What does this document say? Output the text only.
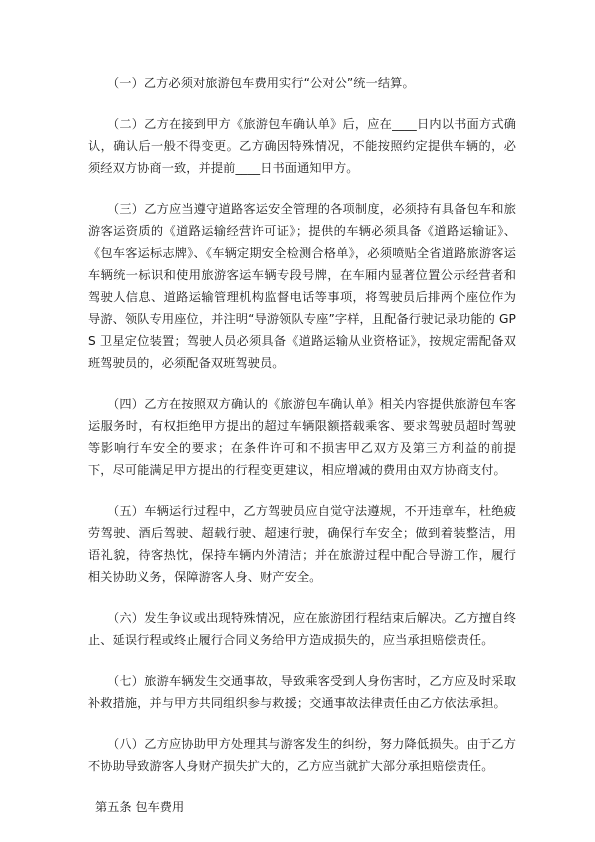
（一）乙方必须对旅游包车费用实行“公对公”统一结算。

（二）乙方在接到甲方《旅游包车确认单》后，应在____日内以书面方式确认，确认后一般不得变更。乙方确因特殊情况，不能按照约定提供车辆的，必须经双方协商一致，并提前____日书面通知甲方。

（三）乙方应当遵守道路客运安全管理的各项制度，必须持有具备包车和旅游客运资质的《道路运输经营许可证》；提供的车辆必须具备《道路运输证》、《包车客运标志牌》、《车辆定期安全检测合格单》，必须喷贴全省道路旅游客运车辆统一标识和使用旅游客运车辆专段号牌，在车厢内显著位置公示经营者和驾驶人信息、道路运输管理机构监督电话等事项，将驾驶员后排两个座位作为导游、领队专用座位，并注明“导游领队专座”字样，且配备行驶记录功能的 GPS 卫星定位装置；驾驶人员必须具备《道路运输从业资格证》，按规定需配备双班驾驶员的，必须配备双班驾驶员。

（四）乙方在按照双方确认的《旅游包车确认单》相关内容提供旅游包车客运服务时，有权拒绝甲方提出的超过车辆限额搭载乘客、要求驾驶员超时驾驶等影响行车安全的要求；在条件许可和不损害甲乙双方及第三方利益的前提下，尽可能满足甲方提出的行程变更建议，相应增减的费用由双方协商支付。

（五）车辆运行过程中，乙方驾驶员应自觉守法遵规，不开违章车，杜绝疲劳驾驶、酒后驾驶、超载行驶、超速行驶，确保行车安全；做到着装整洁，用语礼貌，待客热忱，保持车辆内外清洁；并在旅游过程中配合导游工作，履行相关协助义务，保障游客人身、财产安全。

（六）发生争议或出现特殊情况，应在旅游团行程结束后解决。乙方擅自终止、延误行程或终止履行合同义务给甲方造成损失的，应当承担赔偿责任。

（七）旅游车辆发生交通事故，导致乘客受到人身伤害时，乙方应及时采取补救措施，并与甲方共同组织参与救援；交通事故法律责任由乙方依法承担。

（八）乙方应协助甲方处理其与游客发生的纠纷，努力降低损失。由于乙方不协助导致游客人身财产损失扩大的，乙方应当就扩大部分承担赔偿责任。

第五条 包车费用
